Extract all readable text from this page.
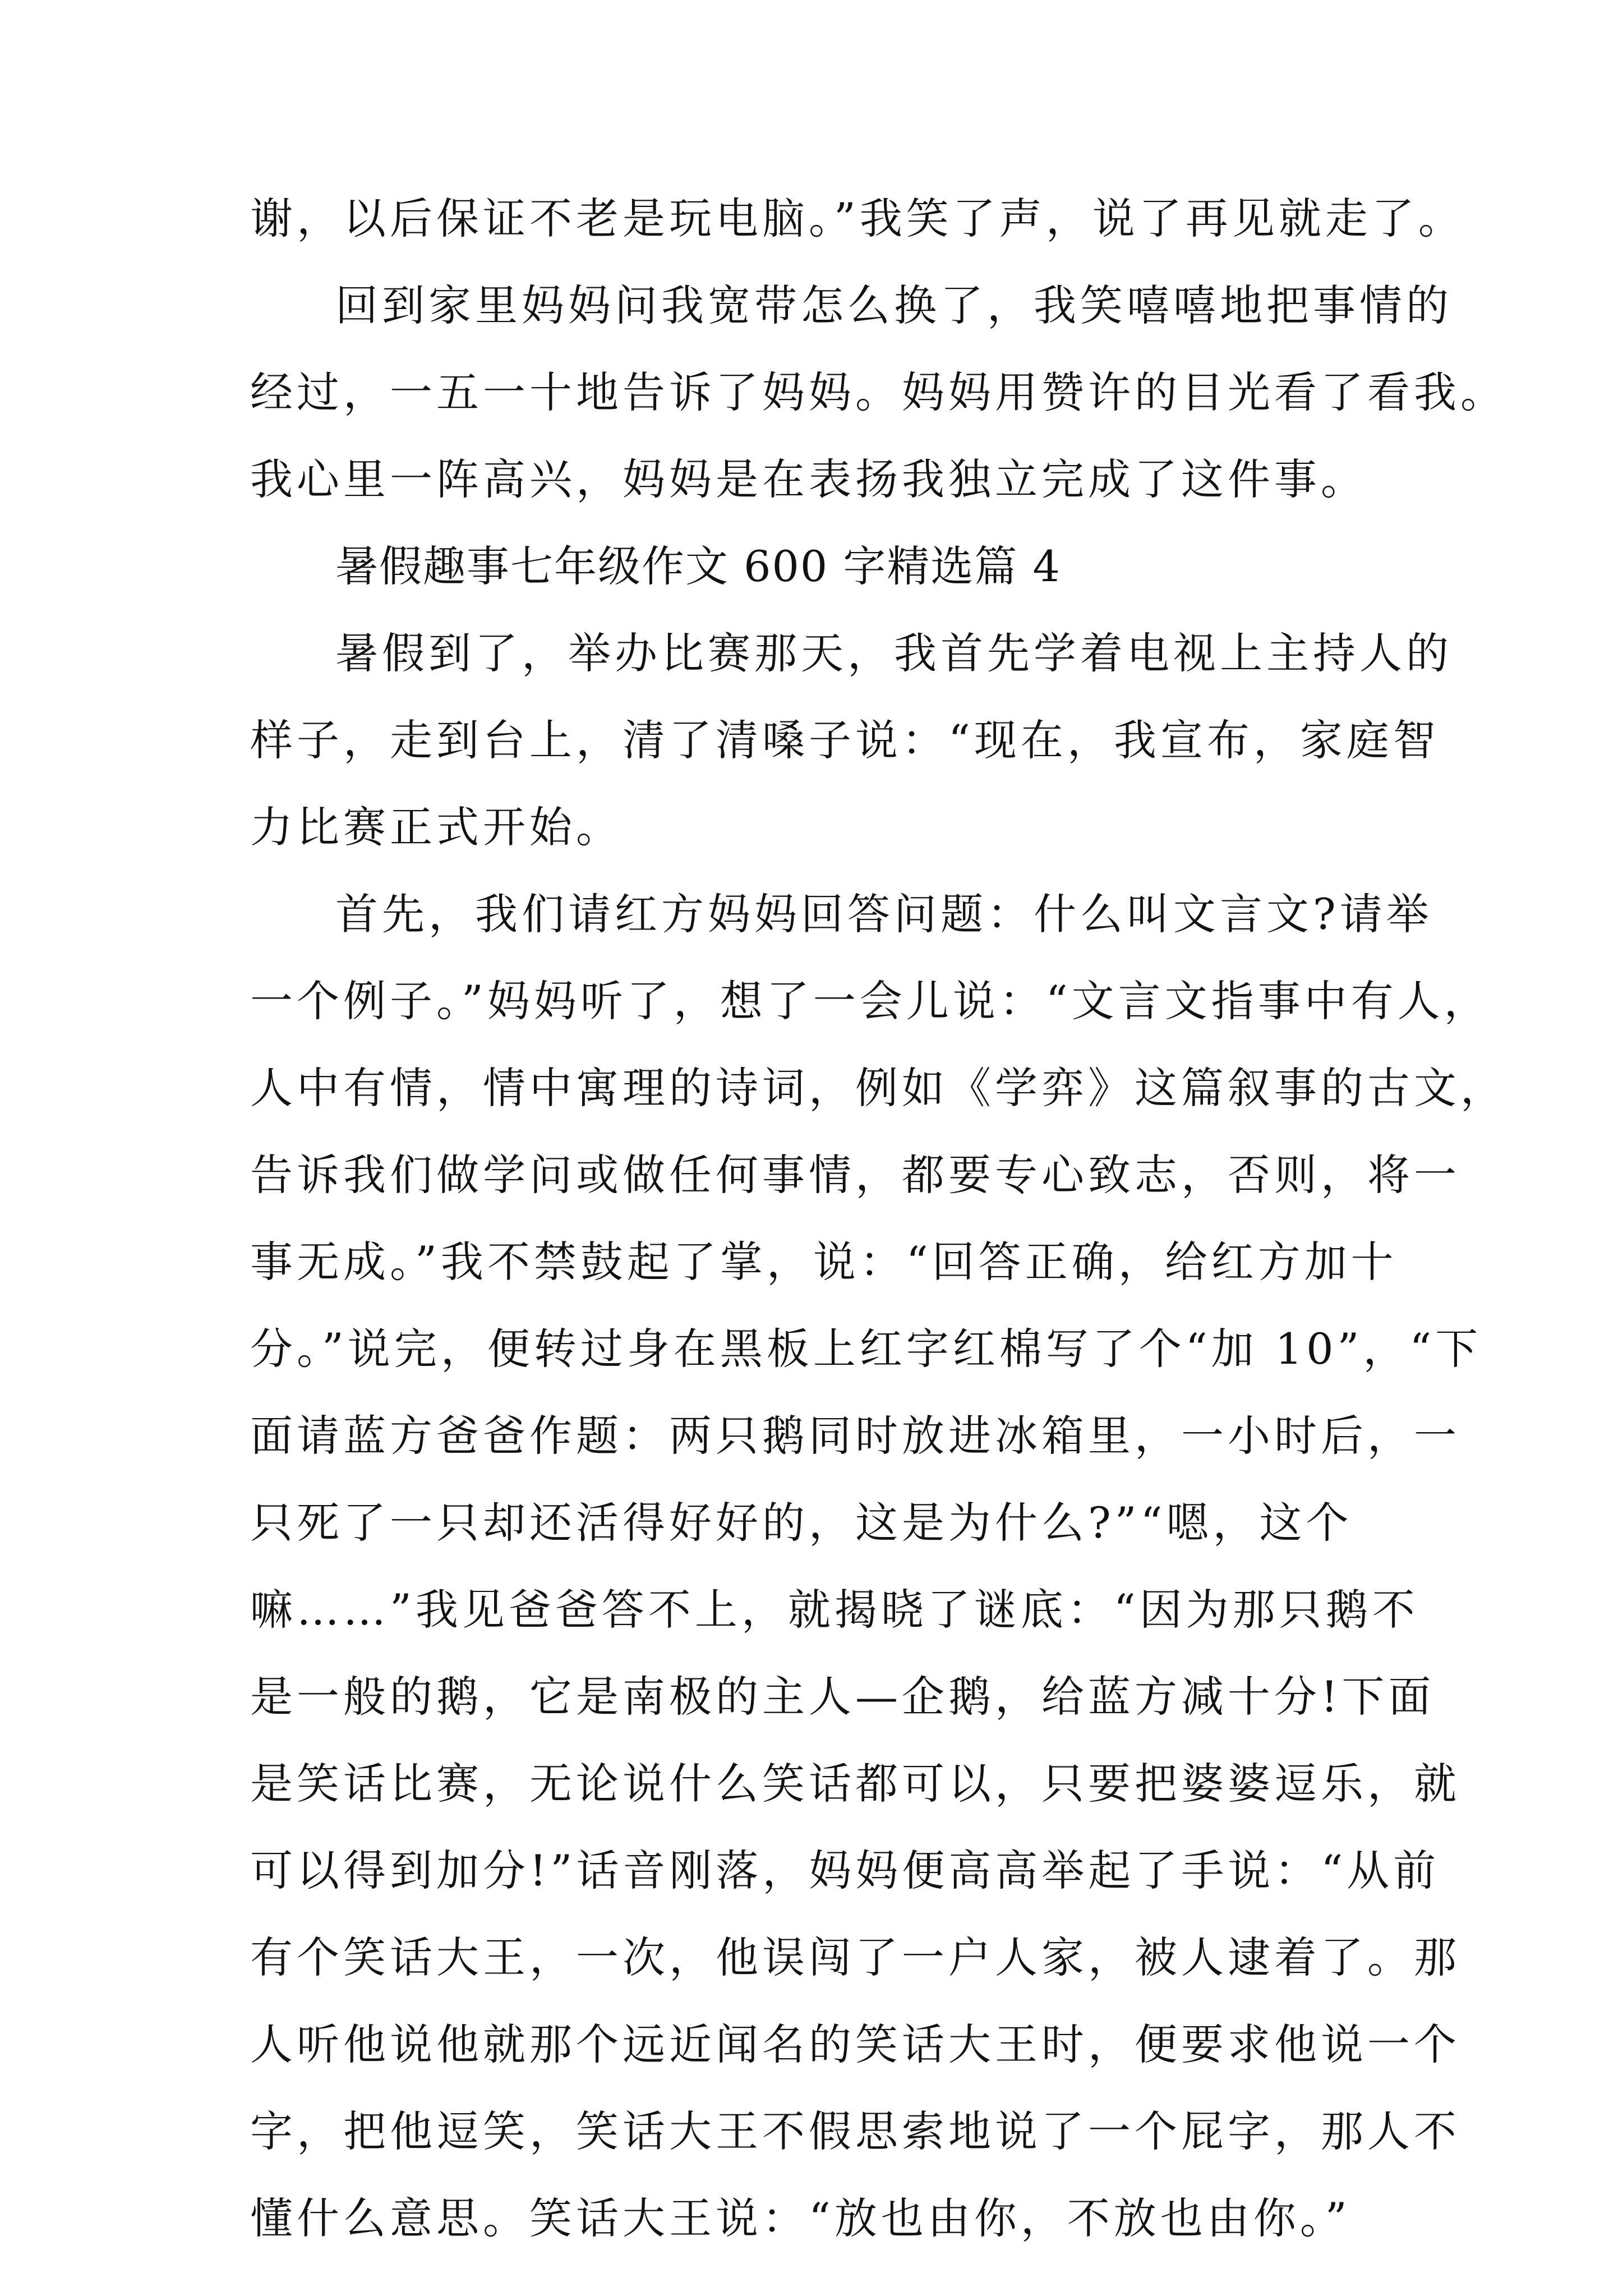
谢，以后保证不老是玩电脑。”我笑了声，说了再见就走了。
回到家里妈妈问我宽带怎么换了，我笑嘻嘻地把事情的
经过，一五一十地告诉了妈妈。妈妈用赞许的目光看了看我。
我心里一阵高兴，妈妈是在表扬我独立完成了这件事。
暑假趣事七年级作文 600 字精选篇 4
暑假到了，举办比赛那天，我首先学着电视上主持人的
样子，走到台上，清了清嗓子说：“现在，我宣布，家庭智
力比赛正式开始。
首先，我们请红方妈妈回答问题：什么叫文言文?请举
一个例子。”妈妈听了，想了一会儿说：“文言文指事中有人，
人中有情，情中寓理的诗词，例如《学弈》这篇叙事的古文，
告诉我们做学问或做任何事情，都要专心致志，否则，将一
事无成。”我不禁鼓起了掌，说：“回答正确，给红方加十
分。”说完，便转过身在黑板上红字红棉写了个“加 10”，“下
面请蓝方爸爸作题：两只鹅同时放进冰箱里，一小时后，一
只死了一只却还活得好好的，这是为什么?”“嗯，这个
嘛……”我见爸爸答不上，就揭晓了谜底：“因为那只鹅不
是一般的鹅，它是南极的主人—企鹅，给蓝方减十分!下面
是笑话比赛，无论说什么笑话都可以，只要把婆婆逗乐，就
可以得到加分!”话音刚落，妈妈便高高举起了手说：“从前
有个笑话大王，一次，他误闯了一户人家，被人逮着了。那
人听他说他就那个远近闻名的笑话大王时，便要求他说一个
字，把他逗笑，笑话大王不假思索地说了一个屁字，那人不
懂什么意思。笑话大王说：“放也由你，不放也由你。”
